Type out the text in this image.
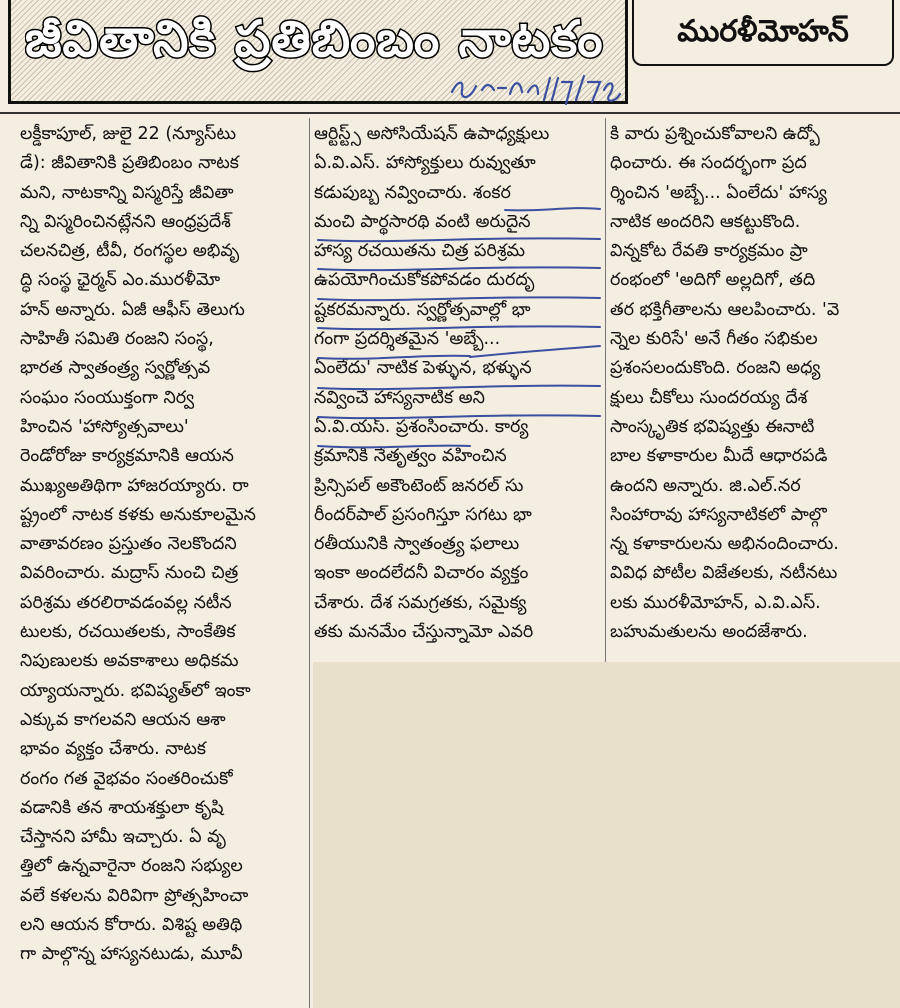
జీవితానికి ప్రతిబింబం నాటకం	మురళీమోహన్
లక్డీకాపూల్, జులై 22 (న్యూస్‌టు
డే): జీవితానికి ప్రతిబింబం నాటక
మని, నాటకాన్ని విస్మరిస్తే జీవితా
న్ని విస్మరించినట్లేనని ఆంధ్రప్రదేశ్
చలనచిత్ర, టీవీ, రంగస్థల అభివృ
ద్ధి సంస్థ ఛైర్మన్ ఎం.మురళీమో
హన్ అన్నారు. ఏజీ ఆఫీస్ తెలుగు
సాహితీ సమితి రంజని సంస్థ,
భారత స్వాతంత్ర్య స్వర్ణోత్సవ
సంఘం సంయుక్తంగా నిర్వ
హించిన 'హాస్యోత్సవాలు'
రెండోరోజు కార్యక్రమానికి ఆయన
ముఖ్యఅతిథిగా హాజరయ్యారు. రా
ష్ట్రంలో నాటక కళకు అనుకూలమైన
వాతావరణం ప్రస్తుతం నెలకొందని
వివరించారు. మద్రాస్ నుంచి చిత్ర
పరిశ్రమ తరలిరావడంవల్ల నటీన
టులకు, రచయితలకు, సాంకేతిక
నిపుణులకు అవకాశాలు అధికమ
య్యాయన్నారు. భవిష్యత్‌లో ఇంకా
ఎక్కువ కాగలవని ఆయన ఆశా
భావం వ్యక్తం చేశారు. నాటక
రంగం గత వైభవం సంతరించుకో
వడానికి తన శాయశక్తులా కృషి
చేస్తానని హామీ ఇచ్చారు. ఏ వృ
త్తిలో ఉన్నవారైనా రంజని సభ్యుల
వలే కళలను విరివిగా ప్రోత్సహించా
లని ఆయన కోరారు. విశిష్ట అతిథి
గా పాల్గొన్న హాస్యనటుడు, మూవీ
ఆర్టిస్ట్స్ అసోసియేషన్ ఉపాధ్యక్షులు
ఏ.వి.ఎస్. హాస్యోక్తులు రువ్వుతూ
కడుపుబ్బ నవ్వించారు. శంకర
మంచి పార్థసారథి వంటి అరుదైన
హాస్య రచయితను చిత్ర పరిశ్రమ
ఉపయోగించుకోకపోవడం దురదృ
ష్టకరమన్నారు. స్వర్ణోత్సవాల్లో భా
గంగా ప్రదర్శితమైన 'అబ్బే...
ఏంలేదు' నాటిక పెళ్ళున, భళ్ళున
నవ్వించే హాస్యనాటిక అని
ఏ.వి.యస్. ప్రశంసించారు. కార్య
క్రమానికి నేతృత్వం వహించిన
ప్రిన్సిపల్ అకౌంటెంట్ జనరల్ సు
రీందర్‌పాల్ ప్రసంగిస్తూ సగటు భా
రతీయునికి స్వాతంత్ర్య ఫలాలు
ఇంకా అందలేదనీ విచారం వ్యక్తం
చేశారు. దేశ సమగ్రతకు, సమైక్య
తకు మనమేం చేస్తున్నామో ఎవరి
కి వారు ప్రశ్నించుకోవాలని ఉద్బో
ధించారు. ఈ సందర్భంగా ప్రద
ర్శించిన 'అబ్బే... ఏంలేదు' హాస్య
నాటిక అందరిని ఆకట్టుకొంది.
విన్నకోట రేవతి కార్యక్రమం ప్రా
రంభంలో 'అదిగో అల్లదిగో, తది
తర భక్తిగీతాలను ఆలపించారు. 'వె
న్నెల కురిసే' అనే గీతం సభికుల
ప్రశంసలందుకొంది. రంజని అధ్య
క్షులు చీకోలు సుందరయ్య దేశ
సాంస్కృతిక భవిష్యత్తు ఈనాటి
బాల కళాకారుల మీదే ఆధారపడి
ఉందని అన్నారు. జి.ఎల్.నర
సింహారావు హాస్యనాటికలో పాల్గొ
న్న కళాకారులను అభినందించారు.
వివిధ పోటీల విజేతలకు, నటీనటు
లకు మురళీమోహన్, ఎ.వి.ఎస్.
బహుమతులను అందజేశారు.
